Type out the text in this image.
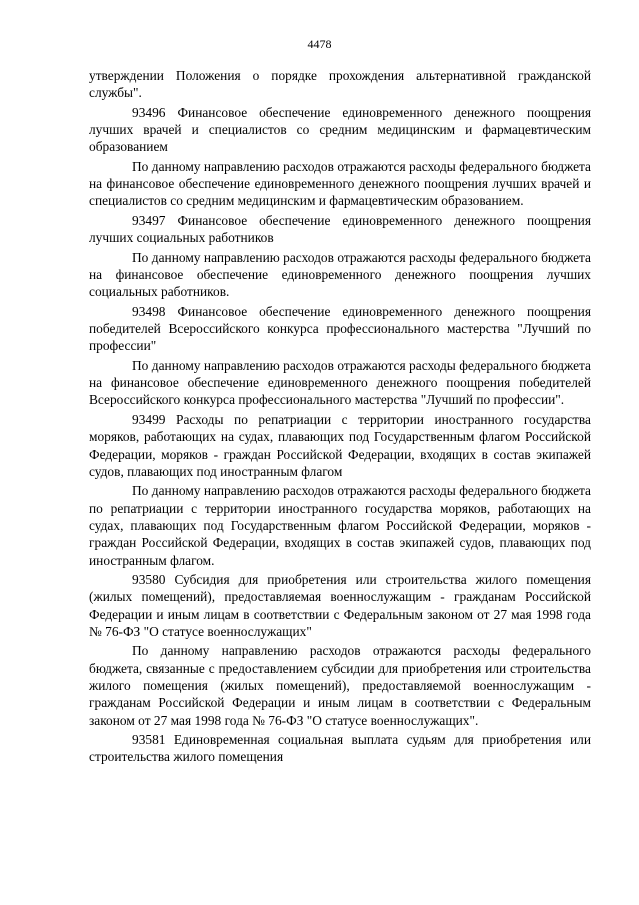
4478

утверждении Положения о порядке прохождения альтернативной гражданской службы".

93496 Финансовое обеспечение единовременного денежного поощрения лучших врачей и специалистов со средним медицинским и фармацевтическим образованием

По данному направлению расходов отражаются расходы федерального бюджета на финансовое обеспечение единовременного денежного поощрения лучших врачей и специалистов со средним медицинским и фармацевтическим образованием.

93497 Финансовое обеспечение единовременного денежного поощрения лучших социальных работников

По данному направлению расходов отражаются расходы федерального бюджета на финансовое обеспечение единовременного денежного поощрения лучших социальных работников.

93498 Финансовое обеспечение единовременного денежного поощрения победителей Всероссийского конкурса профессионального мастерства "Лучший по профессии"

По данному направлению расходов отражаются расходы федерального бюджета на финансовое обеспечение единовременного денежного поощрения победителей Всероссийского конкурса профессионального мастерства "Лучший по профессии".

93499 Расходы по репатриации с территории иностранного государства моряков, работающих на судах, плавающих под Государственным флагом Российской Федерации, моряков - граждан Российской Федерации, входящих в состав экипажей судов, плавающих под иностранным флагом

По данному направлению расходов отражаются расходы федерального бюджета по репатриации с территории иностранного государства моряков, работающих на судах, плавающих под Государственным флагом Российской Федерации, моряков - граждан Российской Федерации, входящих в состав экипажей судов, плавающих под иностранным флагом.

93580 Субсидия для приобретения или строительства жилого помещения (жилых помещений), предоставляемая военнослужащим - гражданам Российской Федерации и иным лицам в соответствии с Федеральным законом от 27 мая 1998 года № 76-ФЗ "О статусе военнослужащих"

По данному направлению расходов отражаются расходы федерального бюджета, связанные с предоставлением субсидии для приобретения или строительства жилого помещения (жилых помещений), предоставляемой военнослужащим - гражданам Российской Федерации и иным лицам в соответствии с Федеральным законом от 27 мая 1998 года № 76-ФЗ "О статусе военнослужащих".

93581 Единовременная социальная выплата судьям для приобретения или строительства жилого помещения
